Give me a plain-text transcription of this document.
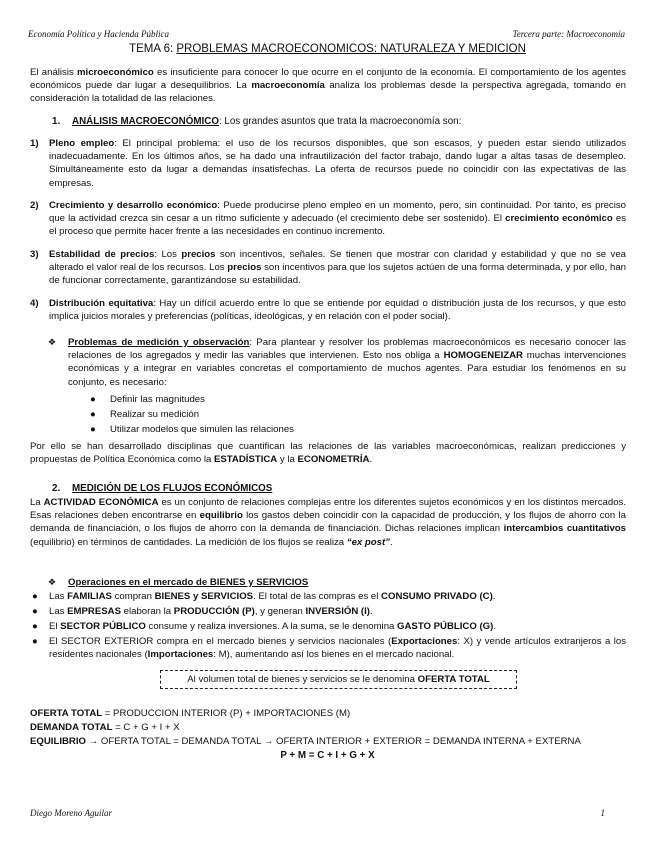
Economía Política y Hacienda Pública	Tercera parte: Macroeconomía
TEMA 6: PROBLEMAS MACROECONOMICOS: NATURALEZA Y MEDICION
El análisis microeconómico es insuficiente para conocer lo que ocurre en el conjunto de la economía. El comportamiento de los agentes económicos puede dar lugar a desequilibrios. La macroeconomía analiza los problemas desde la perspectiva agregada, tomando en consideración la totalidad de las relaciones.
1. ANÁLISIS MACROECONÓMICO: Los grandes asuntos que trata la macroeconomía son:
1) Pleno empleo: El principal problema: el uso de los recursos disponibles, que son escasos, y pueden estar siendo utilizados inadecuadamente. En los últimos años, se ha dado una infrautilización del factor trabajo, dando lugar a altas tasas de desempleo. Simultáneamente esto da lugar a demandas insatisfechas. La oferta de recursos puede no coincidir con las expectativas de las empresas.
2) Crecimiento y desarrollo económico: Puede producirse pleno empleo en un momento, pero, sin continuidad. Por tanto, es preciso que la actividad crezca sin cesar a un ritmo suficiente y adecuado (el crecimiento debe ser sostenido). El crecimiento económico es el proceso que permite hacer frente a las necesidades en continuo incremento.
3) Estabilidad de precios: Los precios son incentivos, señales. Se tienen que mostrar con claridad y estabilidad y que no se vea alterado el valor real de los recursos. Los precios son incentivos para que los sujetos actúen de una forma determinada, y por ello, han de funcionar correctamente, garantizándose su estabilidad.
4) Distribución equitativa: Hay un difícil acuerdo entre lo que se entiende por equidad o distribución justa de los recursos, y que esto implica juicios morales y preferencias (políticas, ideológicas, y en relación con el poder social).
❖ Problemas de medición y observación: Para plantear y resolver los problemas macroeconómicos es necesario conocer las relaciones de los agregados y medir las variables que intervienen. Esto nos obliga a HOMOGENEIZAR muchas intervenciones económicas y a integrar en variables concretas el comportamiento de muchos agentes. Para estudiar los fenómenos en su conjunto, es necesario:
● Definir las magnitudes
● Realizar su medición
● Utilizar modelos que simulen las relaciones
Por ello se han desarrollado disciplinas que cuantifican las relaciones de las variables macroeconómicas, realizan predicciones y propuestas de Política Económica como la ESTADÍSTICA y la ECONOMETRÍA.
2. MEDICIÓN DE LOS FLUJOS ECONÓMICOS
La ACTIVIDAD ECONÓMICA es un conjunto de relaciones complejas entre los diferentes sujetos económicos y en los distintos mercados. Esas relaciones deben encontrarse en equilibrio los gastos deben coincidir con la capacidad de producción, y los flujos de ahorro con la demanda de financiación, o los flujos de ahorro con la demanda de financiación. Dichas relaciones implican intercambios cuantitativos (equilibrio) en términos de cantidades. La medición de los flujos se realiza “ex post”.
❖ Operaciones en el mercado de BIENES y SERVICIOS
● Las FAMILIAS compran BIENES y SERVICIOS. El total de las compras es el CONSUMO PRIVADO (C).
● Las EMPRESAS elaboran la PRODUCCIÓN (P), y generan INVERSIÓN (I).
● El SECTOR PÚBLICO consume y realiza inversiones. A la suma, se le denomina GASTO PÚBLICO (G).
● El SECTOR EXTERIOR compra en el mercado bienes y servicios nacionales (Exportaciones: X) y vende artículos extranjeros a los residentes nacionales (Importaciones: M), aumentando así los bienes en el mercado nacional.
Al volumen total de bienes y servicios se le denomina OFERTA TOTAL
OFERTA TOTAL = PRODUCCION INTERIOR (P) + IMPORTACIONES (M)
DEMANDA TOTAL = C + G + I + X
EQUILIBRIO → OFERTA TOTAL = DEMANDA TOTAL → OFERTA INTERIOR + EXTERIOR = DEMANDA INTERNA + EXTERNA
P + M = C + I + G + X
Diego Moreno Aguilar	1
